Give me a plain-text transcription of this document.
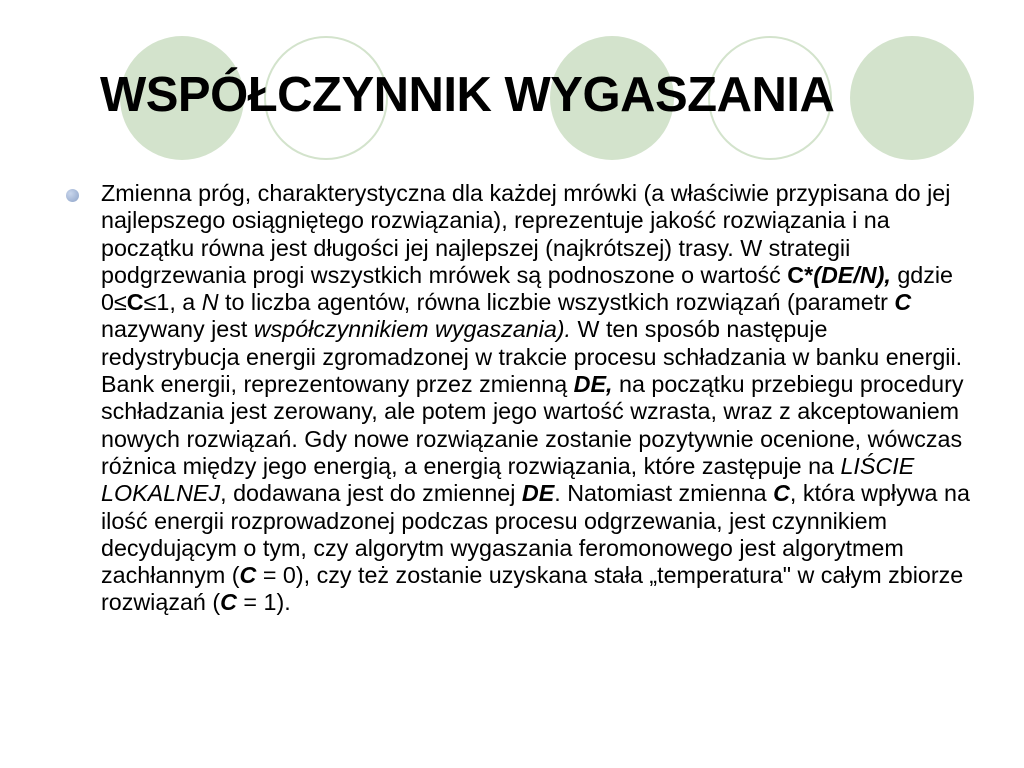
WSPÓŁCZYNNIK WYGASZANIA

Zmienna próg, charakterystyczna dla każdej mrówki (a właściwie przypisana do jej najlepszego osiągniętego rozwiązania), reprezentuje jakość rozwiązania i na początku równa jest długości jej najlepszej (najkrótszej) trasy. W strategii podgrzewania progi wszystkich mrówek są podnoszone o wartość C*(DE/N), gdzie 0≤C≤1, a N to liczba agentów, równa liczbie wszystkich rozwiązań (parametr C nazywany jest współczynnikiem wygaszania). W ten sposób następuje redystrybucja energii zgromadzonej w trakcie procesu schładzania w banku energii. Bank energii, reprezentowany przez zmienną DE, na początku przebiegu procedury schładzania jest zerowany, ale potem jego wartość wzrasta, wraz z akceptowaniem nowych rozwiązań. Gdy nowe rozwiązanie zostanie pozytywnie ocenione, wówczas różnica między jego energią, a energią rozwiązania, które zastępuje na LIŚCIE LOKALNEJ, dodawana jest do zmiennej DE. Natomiast zmienna C, która wpływa na ilość energii rozprowadzonej podczas procesu odgrzewania, jest czynnikiem decydującym o tym, czy algorytm wygaszania feromonowego jest algorytmem zachłannym (C = 0), czy też zostanie uzyskana stała „temperatura" w całym zbiorze rozwiązań (C = 1).
